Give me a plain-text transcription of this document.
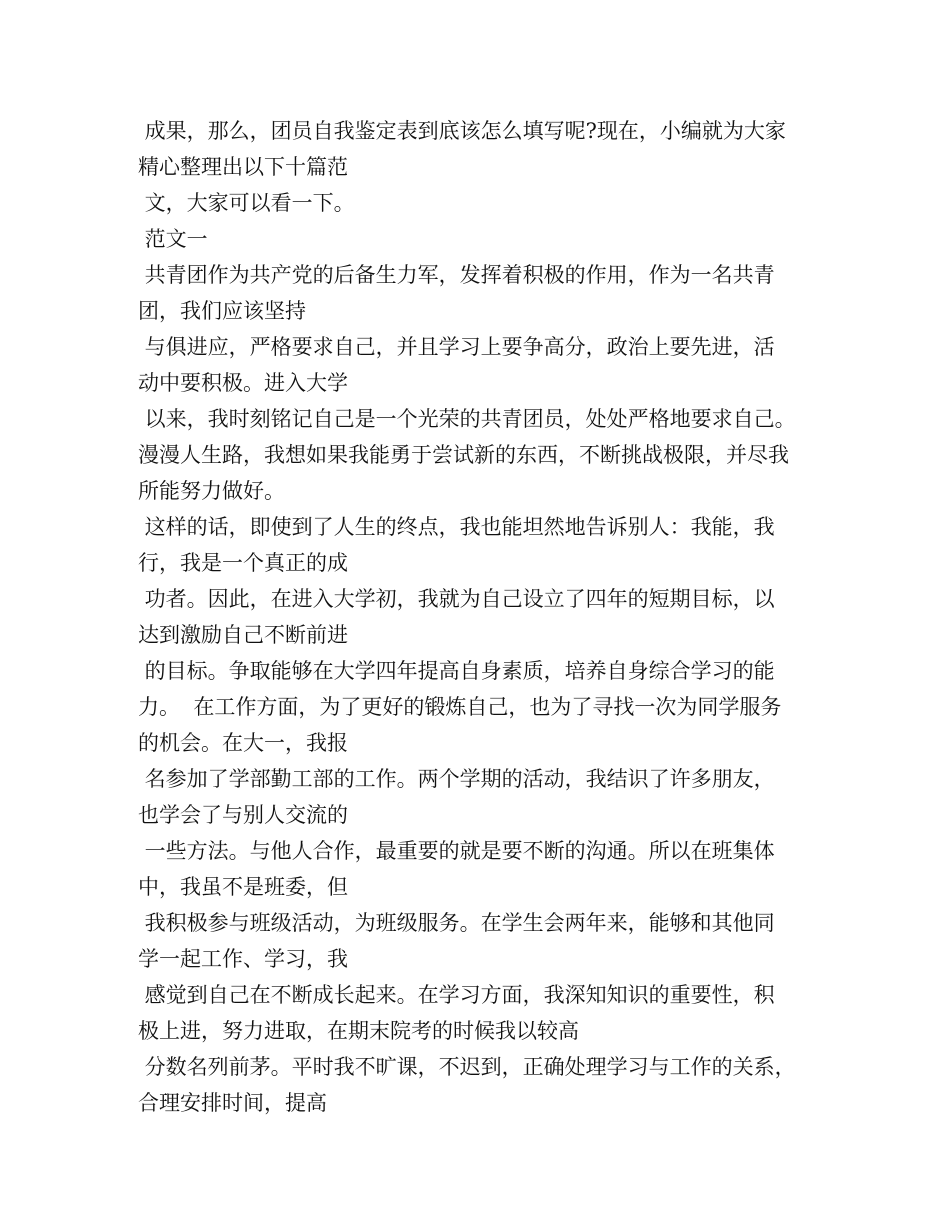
成果，那么，团员自我鉴定表到底该怎么填写呢?现在，小编就为大家
精心整理出以下十篇范
文，大家可以看一下。
范文一
共青团作为共产党的后备生力军，发挥着积极的作用，作为一名共青
团，我们应该坚持
与俱进应，严格要求自己，并且学习上要争高分，政治上要先进，活
动中要积极。进入大学
以来，我时刻铭记自己是一个光荣的共青团员，处处严格地要求自己。
漫漫人生路，我想如果我能勇于尝试新的东西，不断挑战极限，并尽我
所能努力做好。
这样的话，即使到了人生的终点，我也能坦然地告诉别人：我能，我
行，我是一个真正的成
功者。因此，在进入大学初，我就为自己设立了四年的短期目标，以
达到激励自己不断前进
的目标。争取能够在大学四年提高自身素质，培养自身综合学习的能
力。  在工作方面，为了更好的锻炼自己，也为了寻找一次为同学服务
的机会。在大一，我报
名参加了学部勤工部的工作。两个学期的活动，我结识了许多朋友，
也学会了与别人交流的
一些方法。与他人合作，最重要的就是要不断的沟通。所以在班集体
中，我虽不是班委，但
我积极参与班级活动，为班级服务。在学生会两年来，能够和其他同
学一起工作、学习，我
感觉到自己在不断成长起来。在学习方面，我深知知识的重要性，积
极上进，努力进取，在期末院考的时候我以较高
分数名列前茅。平时我不旷课，不迟到，正确处理学习与工作的关系，
合理安排时间，提高
